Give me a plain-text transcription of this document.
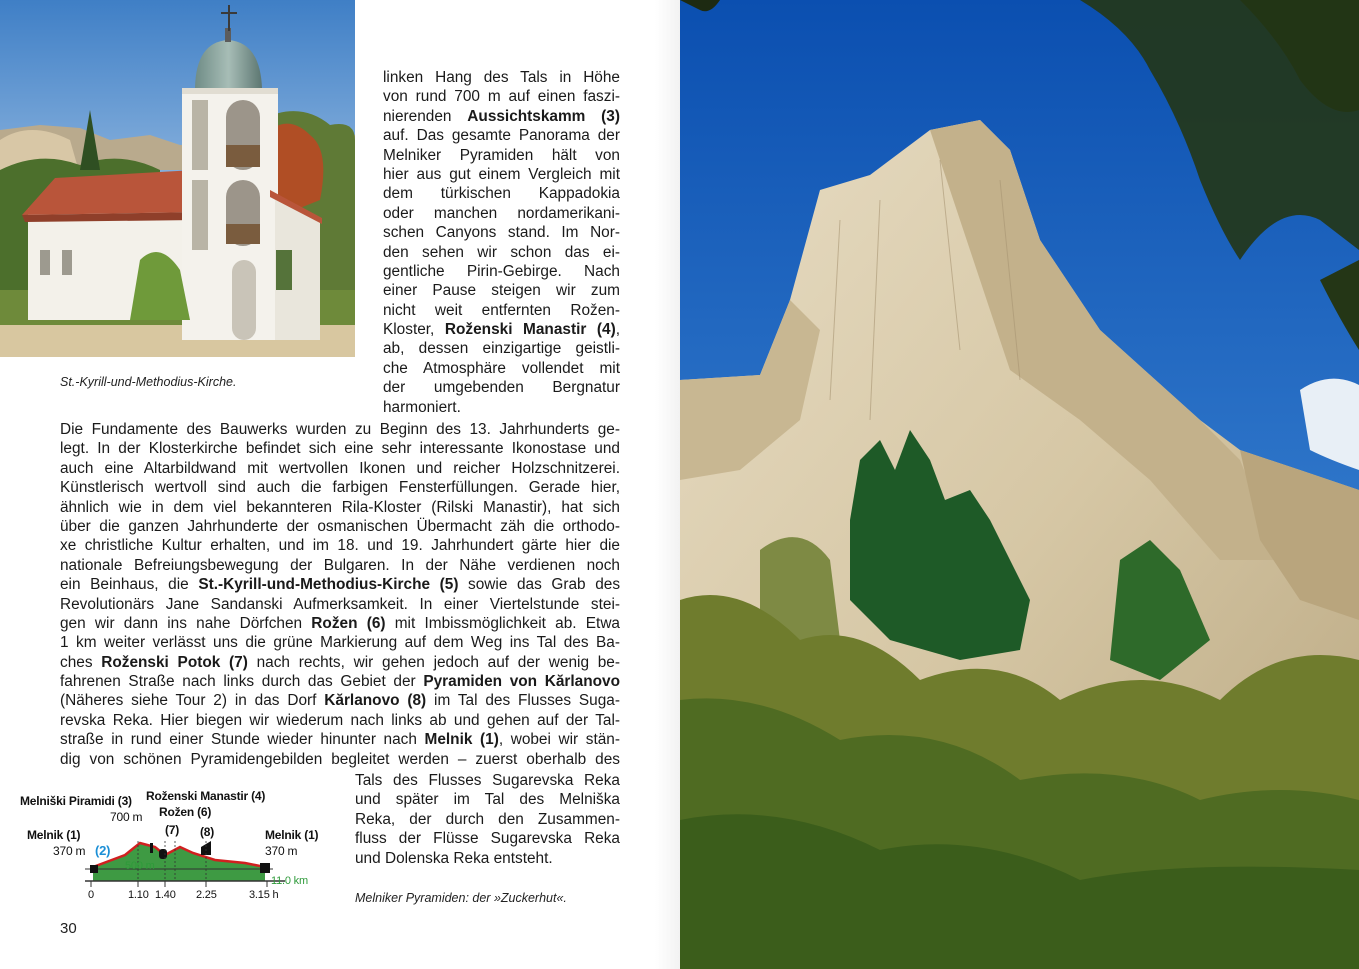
St.-Kyrill-und-Methodius-Kirche.
linken Hang des Tals in Höhe
von rund 700 m auf einen faszi-
nierenden Aussichtskamm (3)
auf. Das gesamte Panorama der
Melniker Pyramiden hält von
hier aus gut einem Vergleich mit
dem türkischen Kappadokia
oder manchen nordamerikani-
schen Canyons stand. Im Nor-
den sehen wir schon das ei-
gentliche Pirin-Gebirge. Nach
einer Pause steigen wir zum
nicht weit entfernten Rožen-
Kloster, Roženski Manastir (4),
ab, dessen einzigartige geistli-
che Atmosphäre vollendet mit
der umgebenden Bergnatur
harmoniert.
Die Fundamente des Bauwerks wurden zu Beginn des 13. Jahrhunderts ge-
legt. In der Klosterkirche befindet sich eine sehr interessante Ikonostase und
auch eine Altarbildwand mit wertvollen Ikonen und reicher Holzschnitzerei.
Künstlerisch wertvoll sind auch die farbigen Fensterfüllungen. Gerade hier,
ähnlich wie in dem viel bekannteren Rila-Kloster (Rilski Manastir), hat sich
über die ganzen Jahrhunderte der osmanischen Übermacht zäh die orthodo-
xe christliche Kultur erhalten, und im 18. und 19. Jahrhundert gärte hier die
nationale Befreiungsbewegung der Bulgaren. In der Nähe verdienen noch
ein Beinhaus, die St.-Kyrill-und-Methodius-Kirche (5) sowie das Grab des
Revolutionärs Jane Sandanski Aufmerksamkeit. In einer Viertelstunde stei-
gen wir dann ins nahe Dörfchen Rožen (6) mit Imbissmöglichkeit ab. Etwa
1 km weiter verlässt uns die grüne Markierung auf dem Weg ins Tal des Ba-
ches Roženski Potok (7) nach rechts, wir gehen jedoch auf der wenig be-
fahrenen Straße nach links durch das Gebiet der Pyramiden von Kărlanovo
(Näheres siehe Tour 2) in das Dorf Kărlanovo (8) im Tal des Flusses Suga-
revska Reka. Hier biegen wir wiederum nach links ab und gehen auf der Tal-
straße in rund einer Stunde wieder hinunter nach Melnik (1), wobei wir stän-
dig von schönen Pyramidengebilden begleitet werden – zuerst oberhalb des
Tals des Flusses Sugarevska Reka
und später im Tal des Melniška
Reka, der durch den Zusammen-
fluss der Flüsse Sugarevska Reka
und Dolenska Reka entsteht.
Melniški Piramidi (3) Roženski Manastir (4)
700 m Rožen (6)
(7) (8)
Melnik (1)
370 m (2)
Melnik (1)
370 m
500 m
11.0 km
0	1.10 1.40 2.25	3.15 h	Melniker Pyramiden: der »Zuckerhut«.
30
